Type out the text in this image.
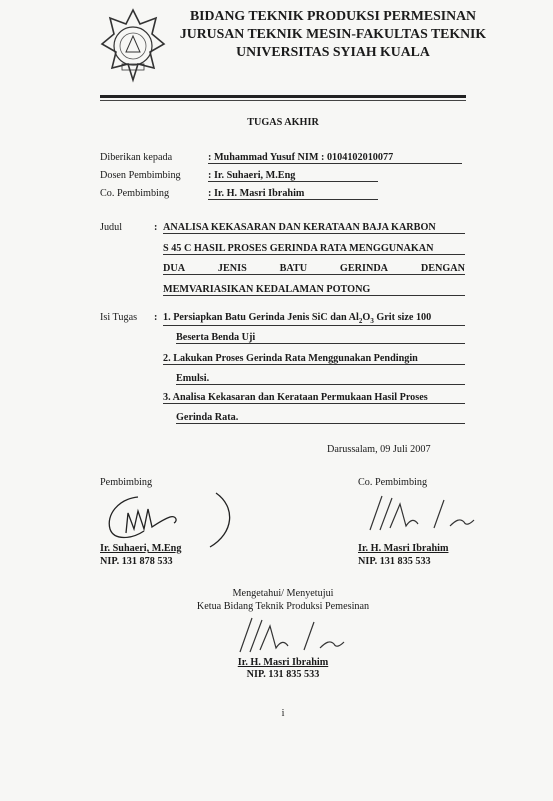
BIDANG TEKNIK PRODUKSI PERMESINAN
JURUSAN TEKNIK MESIN-FAKULTAS TEKNIK
UNIVERSITAS SYIAH KUALA
TUGAS AKHIR
Diberikan kepada	: Muhammad Yusuf NIM : 0104102010077
Dosen Pembimbing	: Ir. Suhaeri, M.Eng
Co. Pembimbing	: Ir. H. Masri Ibrahim
Judul	: ANALISA KEKASARAN DAN KERATAAN BAJA KARBON
S 45 C HASIL PROSES GERINDA RATA MENGGUNAKAN
DUA	JENIS	BATU	GERINDA	DENGAN
MEMVARIASIKAN KEDALAMAN POTONG
Isi Tugas : 1. Persiapkan Batu Gerinda Jenis SiC dan $Al_2O_3$ Grit size 100
Beserta Benda Uji
2. Lakukan Proses Gerinda Rata Menggunakan Pendingin
Emulsi.
3. Analisa Kekasaran dan Kerataan Permukaan Hasil Proses
Gerinda Rata.
Darussalam, 09 Juli 2007
Pembimbing
Ir. Suhaeri, M.Eng
NIP. 131 878 533
Co. Pembimbing
Ir. H. Masri Ibrahim
NIP. 131 835 533
Mengetahui/ Menyetujui
Ketua Bidang Teknik Produksi Pemesinan
Ir. H. Masri Ibrahim
NIP. 131 835 533
i
